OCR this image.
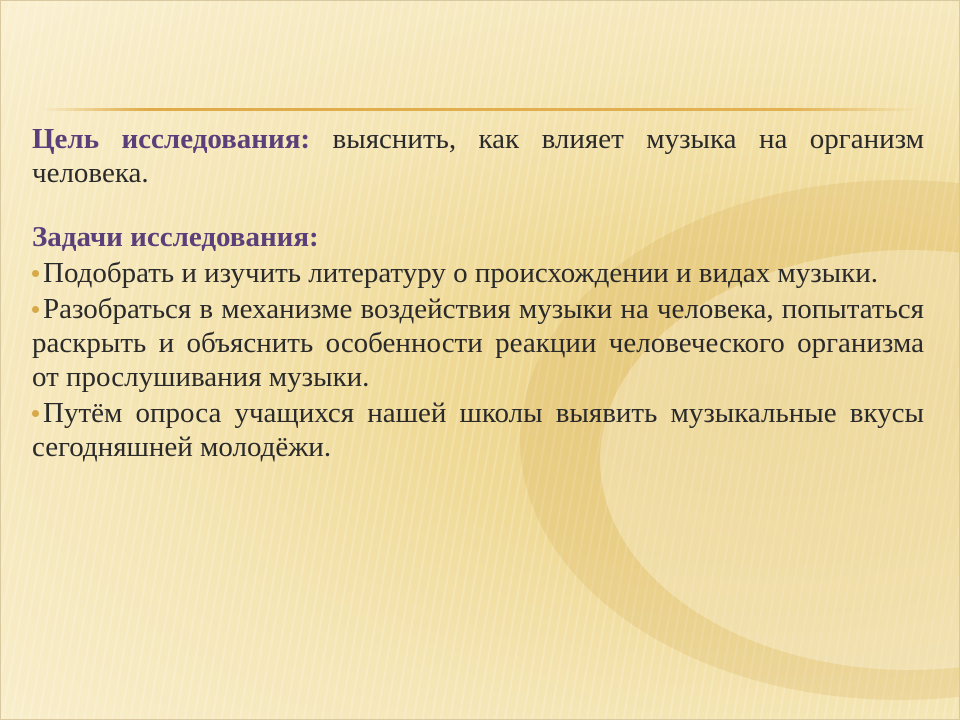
Цель исследования: выяснить, как влияет музыка на организм человека.

Задачи исследования:
Подобрать и изучить литературу о происхождении и видах музыки.
Разобраться в механизме воздействия музыки на человека, попытаться раскрыть и объяснить особенности реакции человеческого организма от прослушивания музыки.
Путём опроса учащихся нашей школы выявить музыкальные вкусы сегодняшней молодёжи.
